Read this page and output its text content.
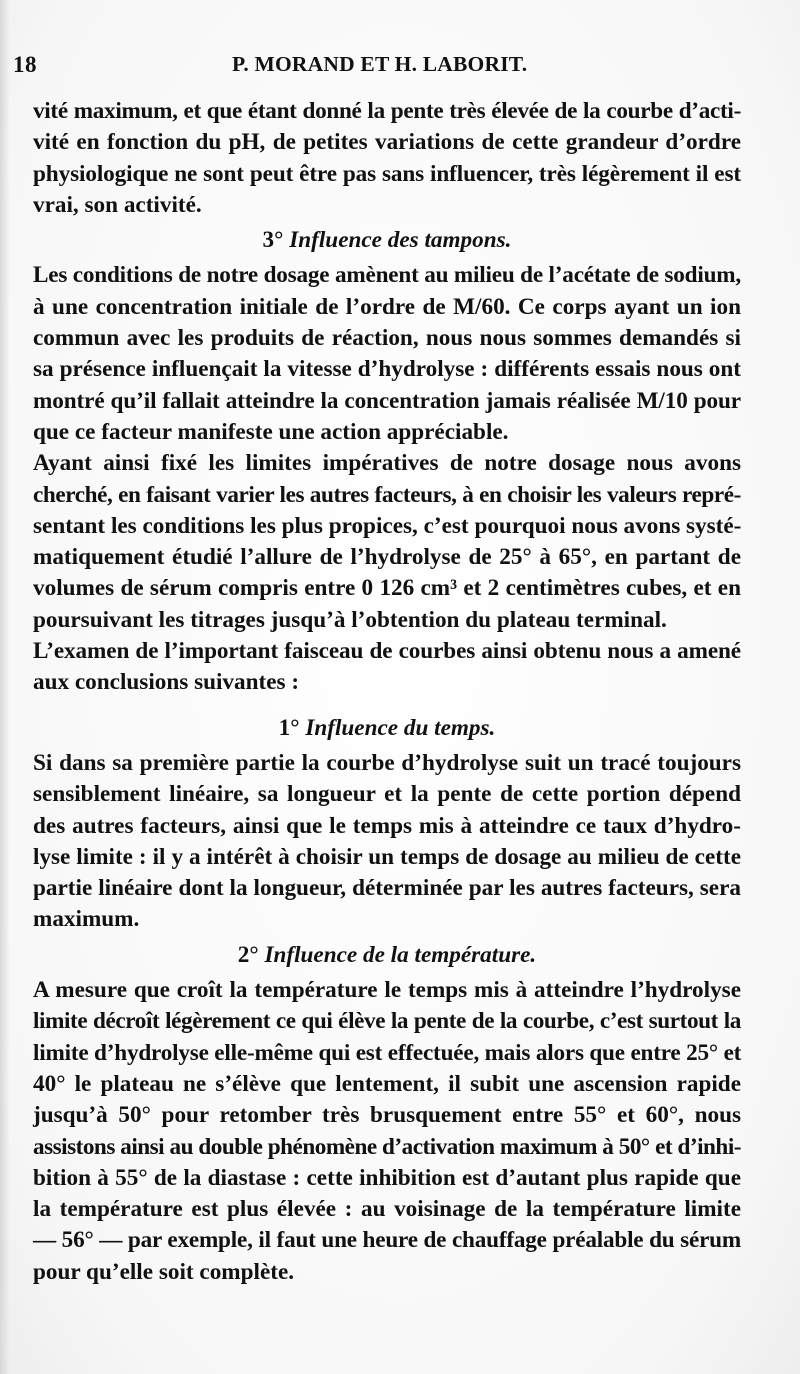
18	P. MORAND ET H. LABORIT.
vité maximum, et que étant donné la pente très élevée de la courbe d’acti-
vité en fonction du pH, de petites variations de cette grandeur d’ordre
physiologique ne sont peut être pas sans influencer, très légèrement il est
vrai, son activité.
3° Influence des tampons.
Les conditions de notre dosage amènent au milieu de l’acétate de sodium,
à une concentration initiale de l’ordre de M/60. Ce corps ayant un ion
commun avec les produits de réaction, nous nous sommes demandés si
sa présence influençait la vitesse d’hydrolyse : différents essais nous ont
montré qu’il fallait atteindre la concentration jamais réalisée M/10 pour
que ce facteur manifeste une action appréciable.
Ayant ainsi fixé les limites impératives de notre dosage nous avons
cherché, en faisant varier les autres facteurs, à en choisir les valeurs repré-
sentant les conditions les plus propices, c’est pourquoi nous avons systé-
matiquement étudié l’allure de l’hydrolyse de 25° à 65°, en partant de
volumes de sérum compris entre 0 126 cm³ et 2 centimètres cubes, et en
poursuivant les titrages jusqu’à l’obtention du plateau terminal.
L’examen de l’important faisceau de courbes ainsi obtenu nous a amené
aux conclusions suivantes :
1° Influence du temps.
Si dans sa première partie la courbe d’hydrolyse suit un tracé toujours
sensiblement linéaire, sa longueur et la pente de cette portion dépend
des autres facteurs, ainsi que le temps mis à atteindre ce taux d’hydro-
lyse limite : il y a intérêt à choisir un temps de dosage au milieu de cette
partie linéaire dont la longueur, déterminée par les autres facteurs, sera
maximum.
2° Influence de la température.
A mesure que croît la température le temps mis à atteindre l’hydrolyse
limite décroît légèrement ce qui élève la pente de la courbe, c’est surtout la
limite d’hydrolyse elle-même qui est effectuée, mais alors que entre 25° et
40° le plateau ne s’élève que lentement, il subit une ascension rapide
jusqu’à 50° pour retomber très brusquement entre 55° et 60°, nous
assistons ainsi au double phénomène d’activation maximum à 50° et d’inhi-
bition à 55° de la diastase : cette inhibition est d’autant plus rapide que
la température est plus élevée : au voisinage de la température limite
— 56° — par exemple, il faut une heure de chauffage préalable du sérum
pour qu’elle soit complète.
